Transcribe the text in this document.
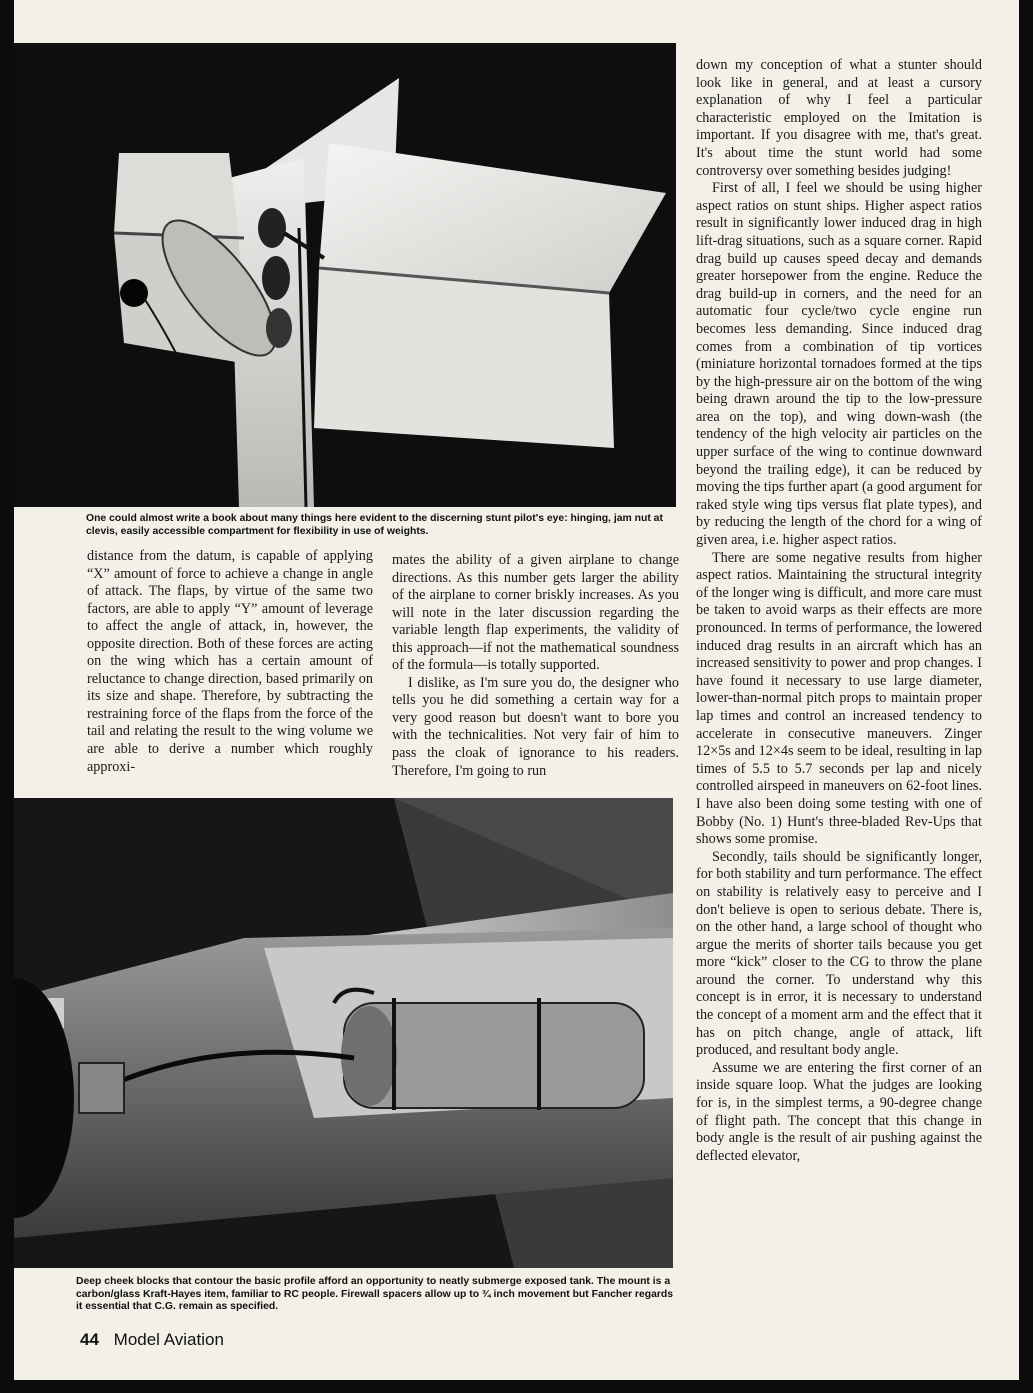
One could almost write a book about many things here evident to the discerning stunt pilot's eye: hinging, jam nut at clevis, easily accessible compartment for flexibility in use of weights.

distance from the datum, is capable of applying “X” amount of force to achieve a change in angle of attack. The flaps, by virtue of the same two factors, are able to apply “Y” amount of leverage to affect the angle of attack, in, however, the opposite direction. Both of these forces are acting on the wing which has a certain amount of reluctance to change direction, based primarily on its size and shape. Therefore, by subtracting the restraining force of the flaps from the force of the tail and relating the result to the wing volume we are able to derive a number which roughly approxi-

mates the ability of a given airplane to change directions. As this number gets larger the ability of the airplane to corner briskly increases. As you will note in the later discussion regarding the variable length flap experiments, the validity of this approach—if not the mathematical soundness of the formula—is totally supported.

I dislike, as I'm sure you do, the designer who tells you he did something a certain way for a very good reason but doesn't want to bore you with the technicalities. Not very fair of him to pass the cloak of ignorance to his readers. Therefore, I'm going to run

down my conception of what a stunter should look like in general, and at least a cursory explanation of why I feel a particular characteristic employed on the Imitation is important. If you disagree with me, that's great. It's about time the stunt world had some controversy over something besides judging!

First of all, I feel we should be using higher aspect ratios on stunt ships. Higher aspect ratios result in significantly lower induced drag in high lift-drag situations, such as a square corner. Rapid drag build up causes speed decay and demands greater horsepower from the engine. Reduce the drag build-up in corners, and the need for an automatic four cycle/two cycle engine run becomes less demanding. Since induced drag comes from a combination of tip vortices (miniature horizontal tornadoes formed at the tips by the high-pressure air on the bottom of the wing being drawn around the tip to the low-pressure area on the top), and wing down-wash (the tendency of the high velocity air particles on the upper surface of the wing to continue downward beyond the trailing edge), it can be reduced by moving the tips further apart (a good argument for raked style wing tips versus flat plate types), and by reducing the length of the chord for a wing of given area, i.e. higher aspect ratios.

There are some negative results from higher aspect ratios. Maintaining the structural integrity of the longer wing is difficult, and more care must be taken to avoid warps as their effects are more pronounced. In terms of performance, the lowered induced drag results in an aircraft which has an increased sensitivity to power and prop changes. I have found it necessary to use large diameter, lower-than-normal pitch props to maintain proper lap times and control an increased tendency to accelerate in consecutive maneuvers. Zinger 12×5s and 12×4s seem to be ideal, resulting in lap times of 5.5 to 5.7 seconds per lap and nicely controlled airspeed in maneuvers on 62-foot lines. I have also been doing some testing with one of Bobby (No. 1) Hunt's three-bladed Rev-Ups that shows some promise.

Secondly, tails should be significantly longer, for both stability and turn performance. The effect on stability is relatively easy to perceive and I don't believe is open to serious debate. There is, on the other hand, a large school of thought who argue the merits of shorter tails because you get more “kick” closer to the CG to throw the plane around the corner. To understand why this concept is in error, it is necessary to understand the concept of a moment arm and the effect that it has on pitch change, angle of attack, lift produced, and resultant body angle.

Assume we are entering the first corner of an inside square loop. What the judges are looking for is, in the simplest terms, a 90-degree change of flight path. The concept that this change in body angle is the result of air pushing against the deflected elevator,

Deep cheek blocks that contour the basic profile afford an opportunity to neatly submerge exposed tank. The mount is a carbon/glass Kraft-Hayes item, familiar to RC people. Firewall spacers allow up to ¾ inch movement but Fancher regards it essential that C.G. remain as specified.
44 Model Aviation
